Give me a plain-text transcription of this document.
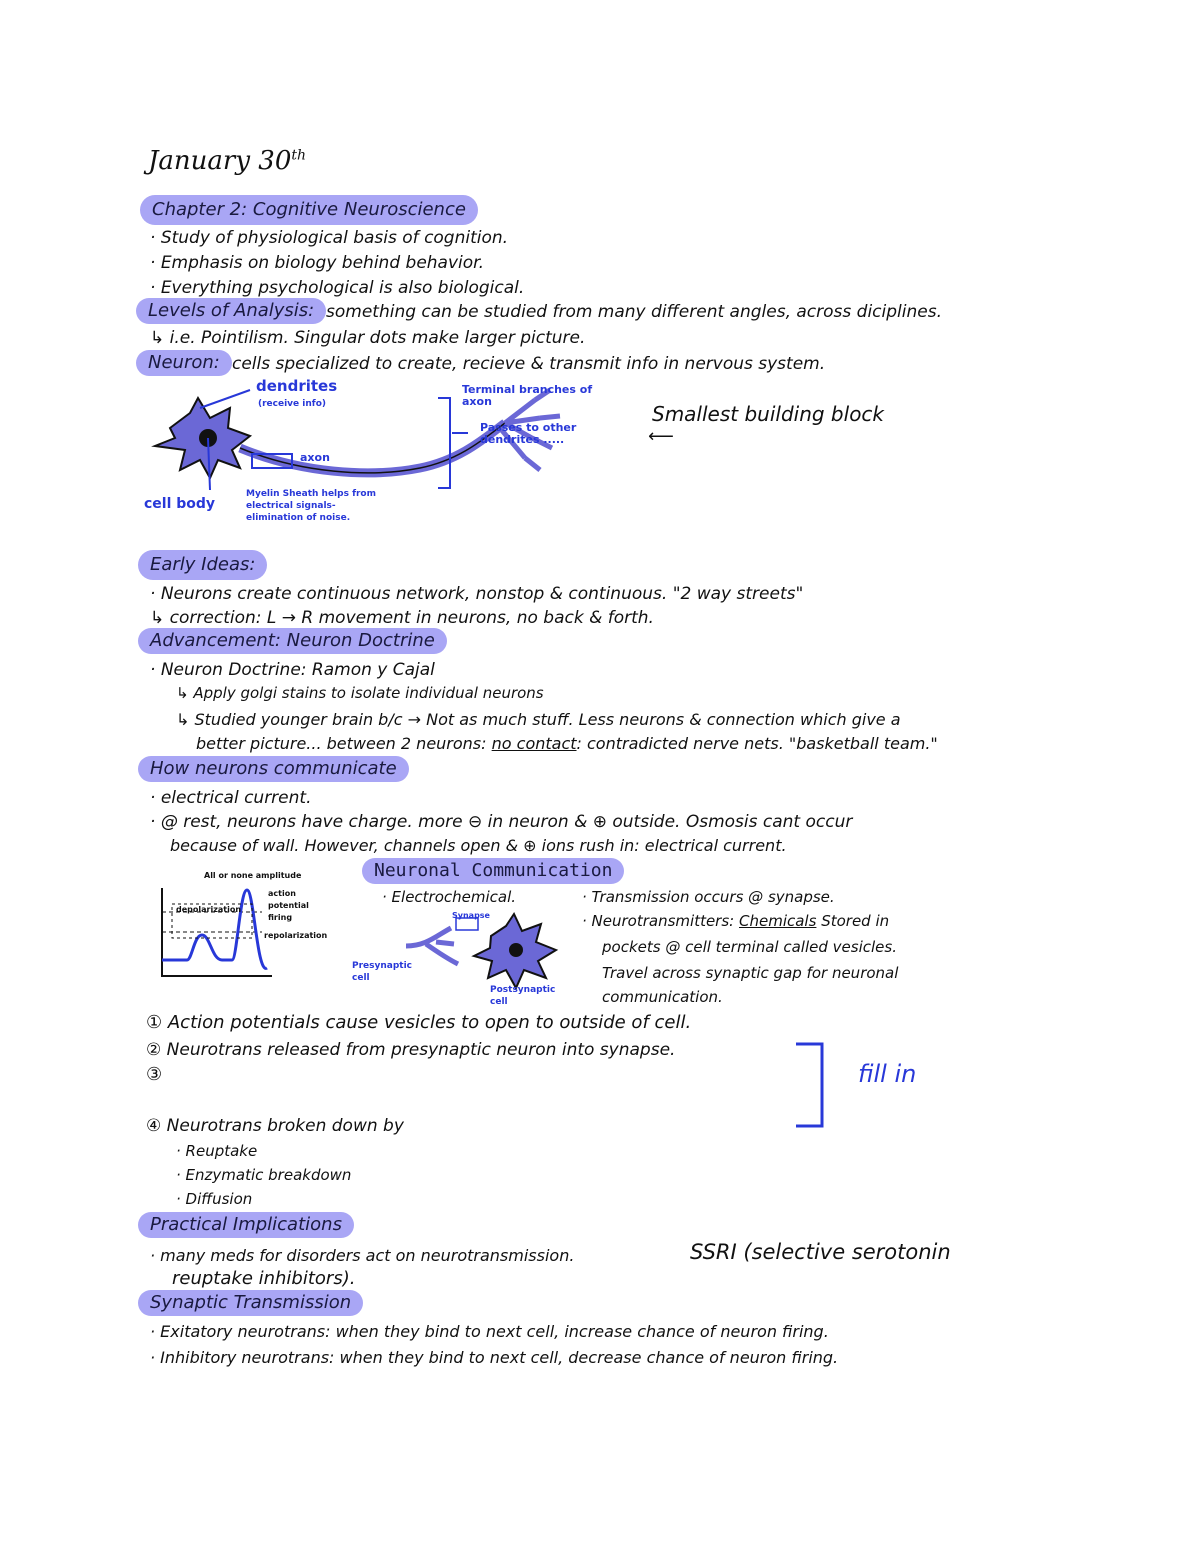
January 30th
Chapter 2: Cognitive Neuroscience
· Study of physiological basis of cognition.
· Emphasis on biology behind behavior.
· Everything psychological is also biological.
Levels of Analysis: something can be studied from many different angles, across diciplines.
↳ i.e. Pointilism. Singular dots make larger picture.
Neuron: cells specialized to create, recieve & transmit info in nervous system.
dendrites
(receive info)
Terminal branches of axon
Passes to other dendrites .....
axon
cell body
Myelin Sheath helps from electrical signals-elimination of noise.
Smallest building block
⟵
Early Ideas:
· Neurons create continuous network, nonstop & continuous. "2 way streets"
↳ correction: L → R movement in neurons, no back & forth.
Advancement: Neuron Doctrine
· Neuron Doctrine: Ramon y Cajal
↳ Apply golgi stains to isolate individual neurons
↳ Studied younger brain b/c → Not as much stuff. Less neurons & connection which give a
better picture... between 2 neurons: no contact: contradicted nerve nets. "basketball team."
How neurons communicate
· electrical current.
· @ rest, neurons have charge. more ⊖ in neuron & ⊕ outside. Osmosis cant occur
because of wall. However, channels open & ⊕ ions rush in: electrical current.
Neuronal Communication
All or none amplitude
action potential firing
depolarization
repolarization
· Electrochemical.
Synapse
Presynaptic cell
Postsynaptic cell
· Transmission occurs @ synapse.
· Neurotransmitters: Chemicals Stored in
pockets @ cell terminal called vesicles.
Travel across synaptic gap for neuronal
communication.
① Action potentials cause vesicles to open to outside of cell.
② Neurotrans released from presynaptic neuron into synapse.
③
④ Neurotrans broken down by
· Reuptake
· Enzymatic breakdown
· Diffusion
fill in
Practical Implications
· many meds for disorders act on neurotransmission.	SSRI (selective serotonin
reuptake inhibitors).
Synaptic Transmission
· Exitatory neurotrans: when they bind to next cell, increase chance of neuron firing.
· Inhibitory neurotrans: when they bind to next cell, decrease chance of neuron firing.
